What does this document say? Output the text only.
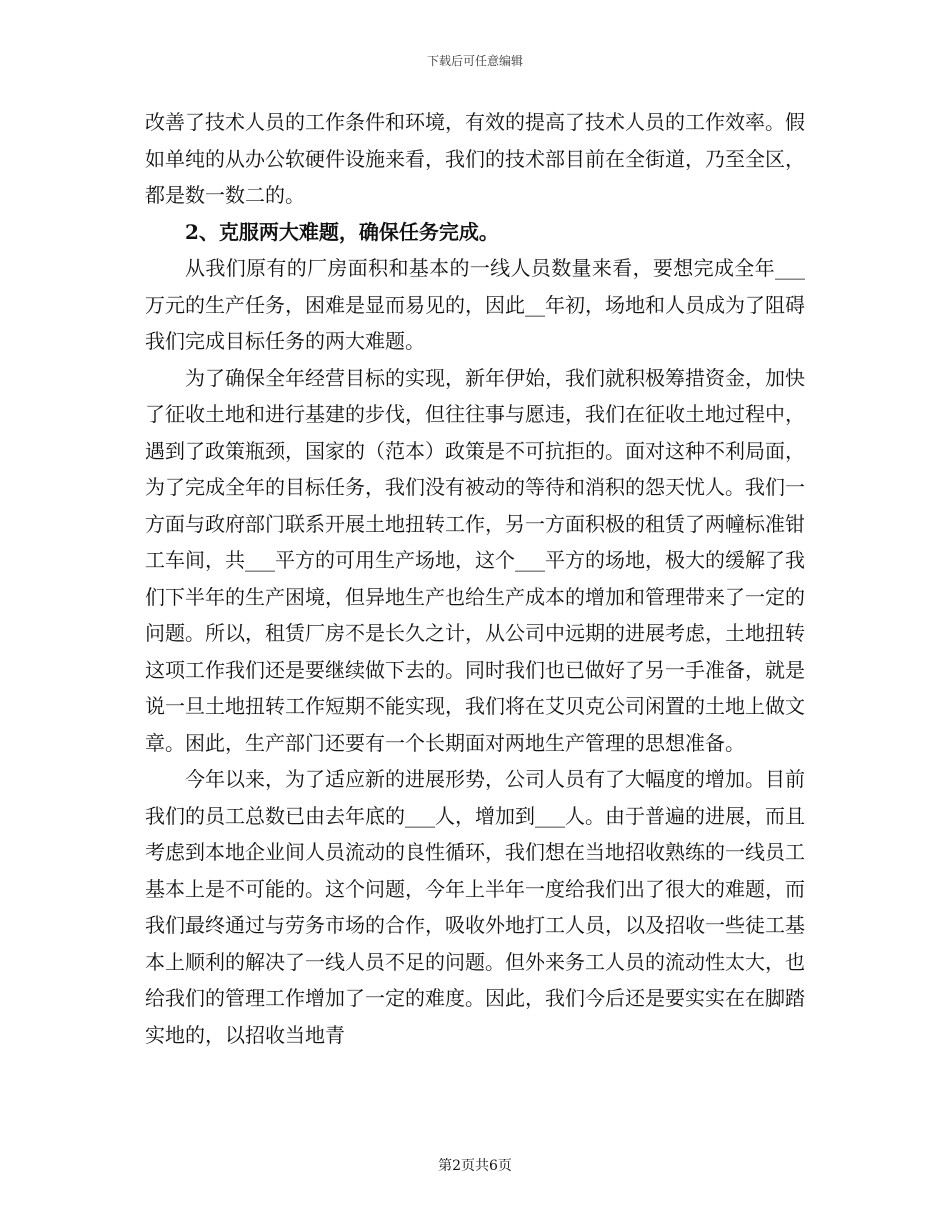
下载后可任意编辑

改善了技术人员的工作条件和环境，有效的提高了技术人员的工作效率。假如单纯的从办公软硬件设施来看，我们的技术部目前在全街道，乃至全区，都是数一数二的。

2、克服两大难题，确保任务完成。

从我们原有的厂房面积和基本的一线人员数量来看，要想完成全年___万元的生产任务，困难是显而易见的，因此__年初，场地和人员成为了阻碍我们完成目标任务的两大难题。

为了确保全年经营目标的实现，新年伊始，我们就积极筹措资金，加快了征收土地和进行基建的步伐，但往往事与愿违，我们在征收土地过程中，遇到了政策瓶颈，国家的（范本）政策是不可抗拒的。面对这种不利局面，为了完成全年的目标任务，我们没有被动的等待和消积的怨天忧人。我们一方面与政府部门联系开展土地扭转工作，另一方面积极的租赁了两幢标准钳工车间，共___平方的可用生产场地，这个___平方的场地，极大的缓解了我们下半年的生产困境，但异地生产也给生产成本的增加和管理带来了一定的问题。所以，租赁厂房不是长久之计，从公司中远期的进展考虑，土地扭转这项工作我们还是要继续做下去的。同时我们也已做好了另一手准备，就是说一旦土地扭转工作短期不能实现，我们将在艾贝克公司闲置的土地上做文章。困此，生产部门还要有一个长期面对两地生产管理的思想准备。

今年以来，为了适应新的进展形势，公司人员有了大幅度的增加。目前我们的员工总数已由去年底的___人，增加到___人。由于普遍的进展，而且考虑到本地企业间人员流动的良性循环，我们想在当地招收熟练的一线员工基本上是不可能的。这个问题，今年上半年一度给我们出了很大的难题，而我们最终通过与劳务市场的合作，吸收外地打工人员，以及招收一些徒工基本上顺利的解决了一线人员不足的问题。但外来务工人员的流动性太大，也给我们的管理工作增加了一定的难度。因此，我们今后还是要实实在在脚踏实地的，以招收当地青

第2页共6页
